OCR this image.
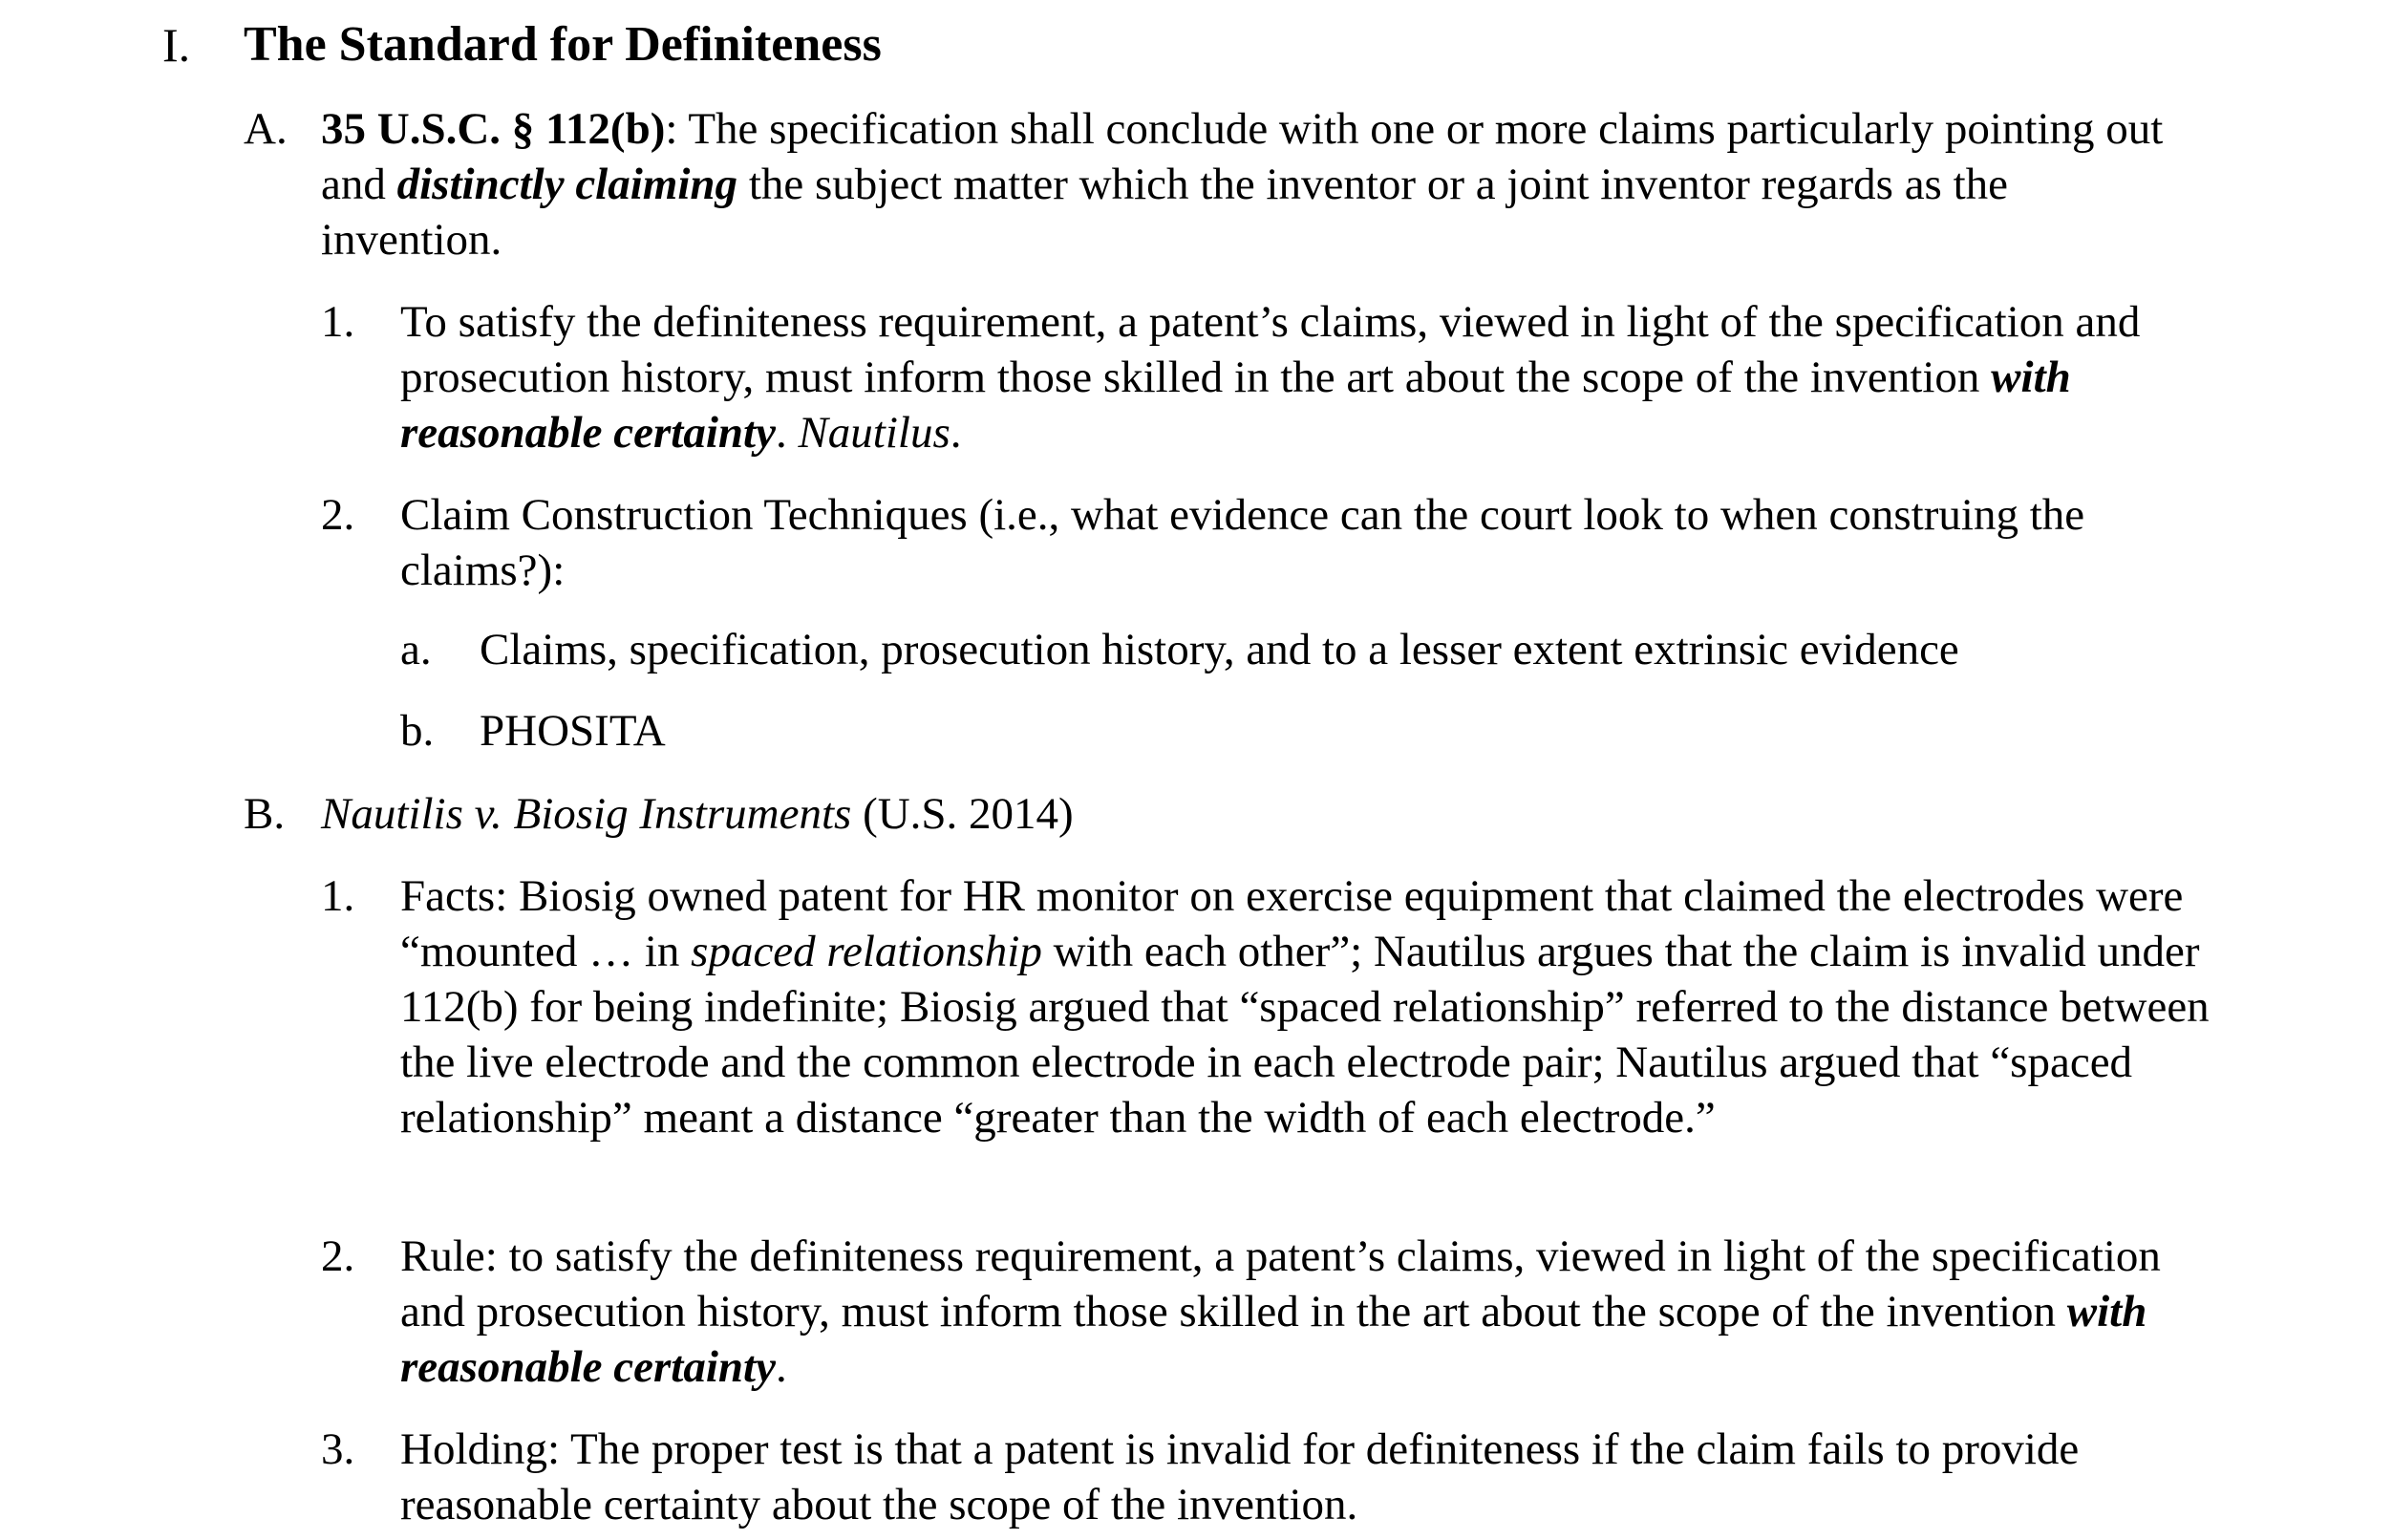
I. The Standard for Definiteness
A. 35 U.S.C. § 112(b): The specification shall conclude with one or more claims particularly pointing out and distinctly claiming the subject matter which the inventor or a joint inventor regards as the invention.
1. To satisfy the definiteness requirement, a patent’s claims, viewed in light of the specification and prosecution history, must inform those skilled in the art about the scope of the invention with reasonable certainty. Nautilus.
2. Claim Construction Techniques (i.e., what evidence can the court look to when construing the claims?):
a. Claims, specification, prosecution history, and to a lesser extent extrinsic evidence
b. PHOSITA
B. Nautilis v. Biosig Instruments (U.S. 2014)
1. Facts: Biosig owned patent for HR monitor on exercise equipment that claimed the electrodes were “mounted … in spaced relationship with each other”; Nautilus argues that the claim is invalid under 112(b) for being indefinite; Biosig argued that “spaced relationship” referred to the distance between the live electrode and the common electrode in each electrode pair; Nautilus argued that “spaced relationship” meant a distance “greater than the width of each electrode.”
2. Rule: to satisfy the definiteness requirement, a patent’s claims, viewed in light of the specification and prosecution history, must inform those skilled in the art about the scope of the invention with reasonable certainty.
3. Holding: The proper test is that a patent is invalid for definiteness if the claim fails to provide reasonable certainty about the scope of the invention.
